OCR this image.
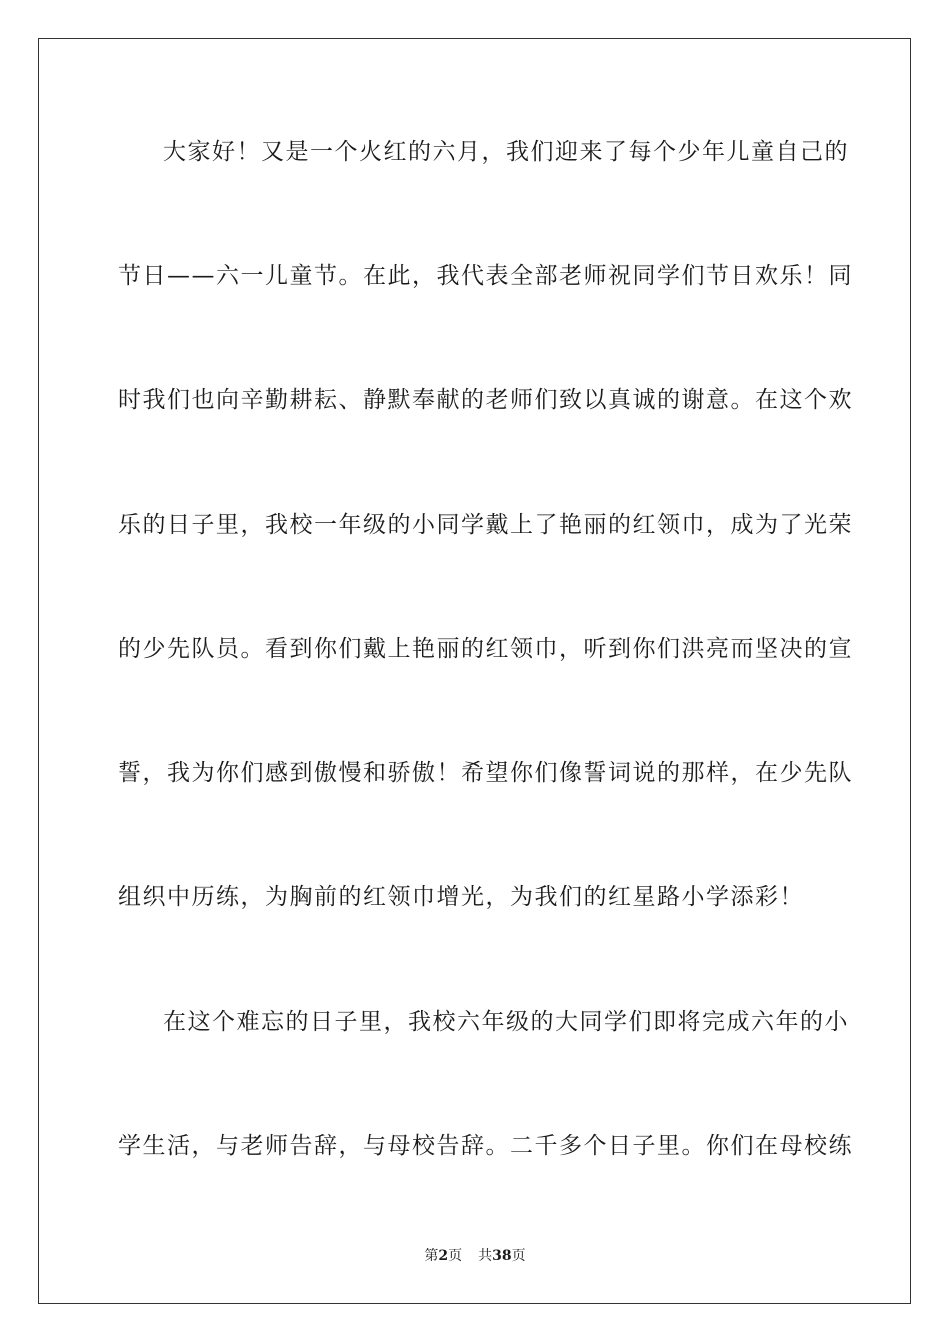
大家好！又是一个火红的六月，我们迎来了每个少年儿童自己的
节日——六一儿童节。在此，我代表全部老师祝同学们节日欢乐！同
时我们也向辛勤耕耘、静默奉献的老师们致以真诚的谢意。在这个欢
乐的日子里，我校一年级的小同学戴上了艳丽的红领巾，成为了光荣
的少先队员。看到你们戴上艳丽的红领巾，听到你们洪亮而坚决的宣
誓，我为你们感到傲慢和骄傲！希望你们像誓词说的那样，在少先队
组织中历练，为胸前的红领巾增光，为我们的红星路小学添彩！
在这个难忘的日子里，我校六年级的大同学们即将完成六年的小
学生活，与老师告辞，与母校告辞。二千多个日子里。你们在母校练
第2页 共38页
